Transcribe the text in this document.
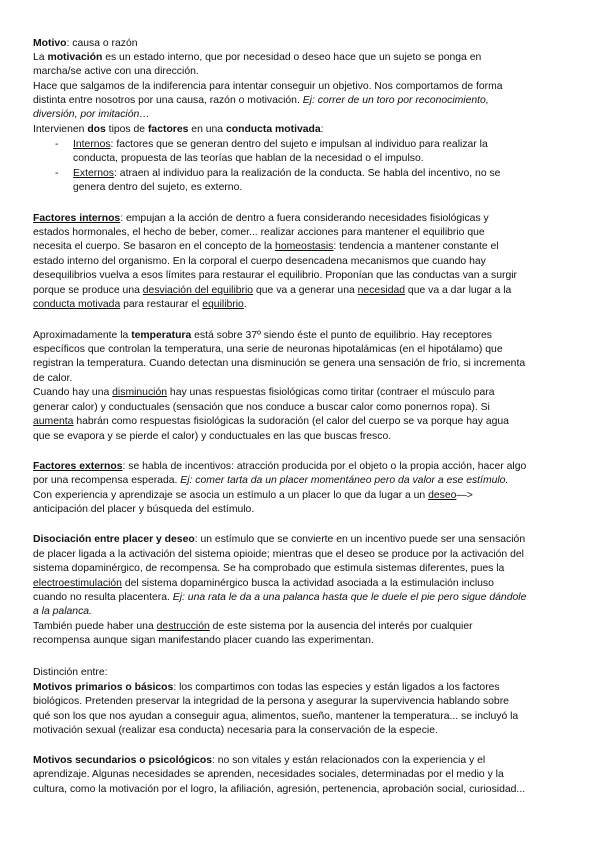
Motivo: causa o razón
La motivación es un estado interno, que por necesidad o deseo hace que un sujeto se ponga en
marcha/se active con una dirección.
Hace que salgamos de la indiferencia para intentar conseguir un objetivo. Nos comportamos de forma
distinta entre nosotros por una causa, razón o motivación. Ej: correr de un toro por reconocimiento,
diversión, por imitación…
Intervienen dos tipos de factores en una conducta motivada:
- Internos: factores que se generan dentro del sujeto e impulsan al individuo para realizar la
conducta, propuesta de las teorías que hablan de la necesidad o el impulso.
- Externos: atraen al individuo para la realización de la conducta. Se habla del incentivo, no se
genera dentro del sujeto, es externo.
Factores internos: empujan a la acción de dentro a fuera considerando necesidades fisiológicas y
estados hormonales, el hecho de beber, comer... realizar acciones para mantener el equilibrio que
necesita el cuerpo. Se basaron en el concepto de la homeostasis: tendencia a mantener constante el
estado interno del organismo. En la corporal el cuerpo desencadena mecanismos que cuando hay
desequilibrios vuelva a esos límites para restaurar el equilibrio. Proponían que las conductas van a surgir
porque se produce una desviación del equilibrio que va a generar una necesidad que va a dar lugar a la
conducta motivada para restaurar el equilibrio.
Aproximadamente la temperatura está sobre 37º siendo éste el punto de equilibrio. Hay receptores
específicos que controlan la temperatura, una serie de neuronas hipotalámicas (en el hipotálamo) que
registran la temperatura. Cuando detectan una disminución se genera una sensación de frío, si incrementa
de calor.
Cuando hay una disminución hay unas respuestas fisiológicas como tiritar (contraer el músculo para
generar calor) y conductuales (sensación que nos conduce a buscar calor como ponernos ropa). Si
aumenta habrán como respuestas fisiológicas la sudoración (el calor del cuerpo se va porque hay agua
que se evapora y se pierde el calor) y conductuales en las que buscas fresco.
Factores externos: se habla de incentivos: atracción producida por el objeto o la propia acción, hacer algo
por una recompensa esperada. Ej: comer tarta da un placer momentáneo pero da valor a ese estímulo.
Con experiencia y aprendizaje se asocia un estímulo a un placer lo que da lugar a un deseo—>
anticipación del placer y búsqueda del estímulo.
Disociación entre placer y deseo: un estímulo que se convierte en un incentivo puede ser una sensación
de placer ligada a la activación del sistema opioide; mientras que el deseo se produce por la activación del
sistema dopaminérgico, de recompensa. Se ha comprobado que estimula sistemas diferentes, pues la
electroestimulación del sistema dopaminérgico busca la actividad asociada a la estimulación incluso
cuando no resulta placentera. Ej: una rata le da a una palanca hasta que le duele el pie pero sigue dándole
a la palanca.
También puede haber una destrucción de este sistema por la ausencia del interés por cualquier
recompensa aunque sigan manifestando placer cuando las experimentan.
Distinción entre:
Motivos primarios o básicos: los compartimos con todas las especies y están ligados a los factores
biológicos. Pretenden preservar la integridad de la persona y asegurar la supervivencia hablando sobre
qué son los que nos ayudan a conseguir agua, alimentos, sueño, mantener la temperatura... se incluyó la
motivación sexual (realizar esa conducta) necesaria para la conservación de la especie.
Motivos secundarios o psicológicos: no son vitales y están relacionados con la experiencia y el
aprendizaje. Algunas necesidades se aprenden, necesidades sociales, determinadas por el medio y la
cultura, como la motivación por el logro, la afiliación, agresión, pertenencia, aprobación social, curiosidad...
